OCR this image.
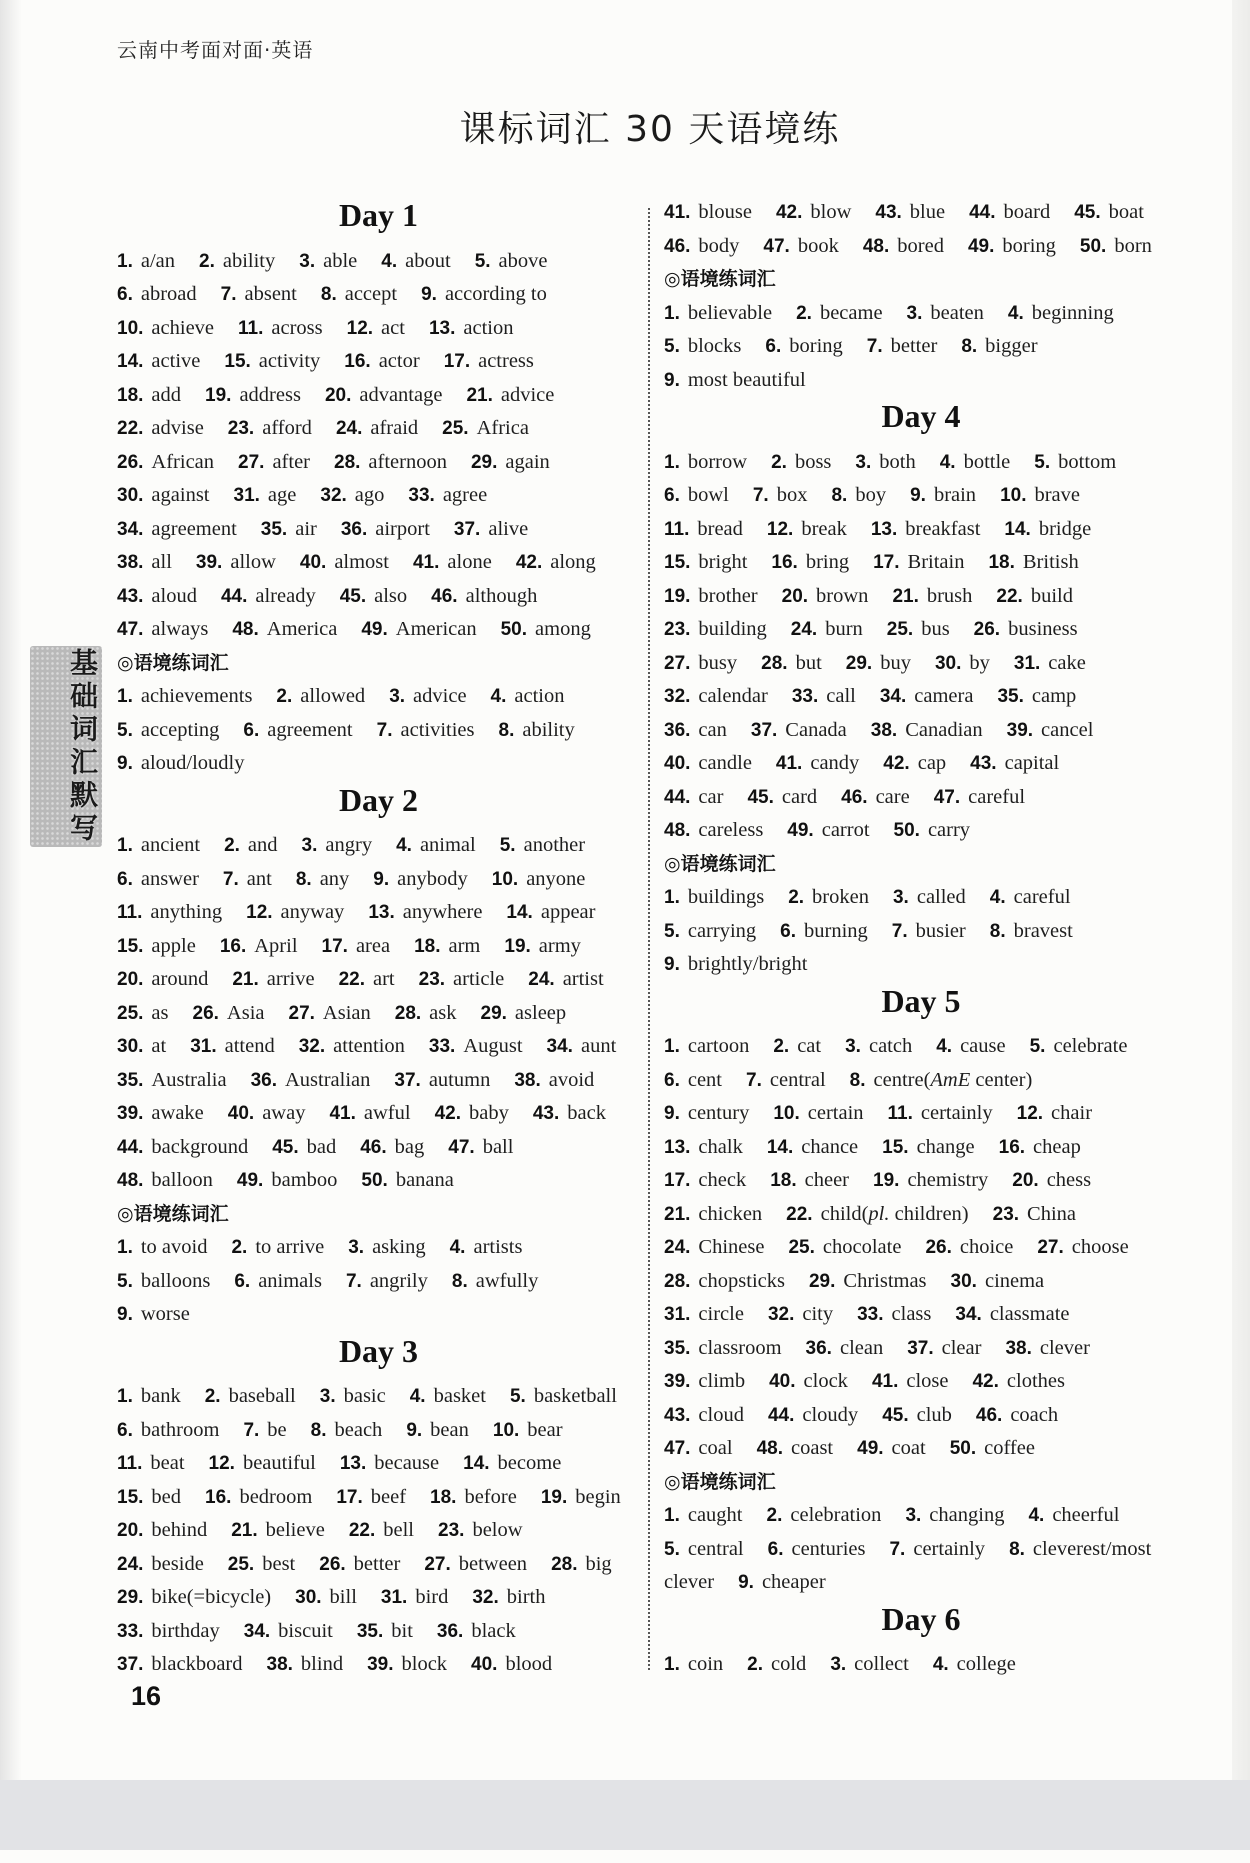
云南中考面对面·英语
课标词汇 30 天语境练
Day 1
1. a/an 2. ability 3. able 4. about 5. above
6. abroad 7. absent 8. accept 9. according to
10. achieve 11. across 12. act 13. action
14. active 15. activity 16. actor 17. actress
18. add 19. address 20. advantage 21. advice
22. advise 23. afford 24. afraid 25. Africa
26. African 27. after 28. afternoon 29. again
30. against 31. age 32. ago 33. agree
34. agreement 35. air 36. airport 37. alive
38. all 39. allow 40. almost 41. alone 42. along
43. aloud 44. already 45. also 46. although
47. always 48. America 49. American 50. among
◎语境练词汇
1. achievements 2. allowed 3. advice 4. action
5. accepting 6. agreement 7. activities 8. ability
9. aloud/loudly
Day 2
1. ancient 2. and 3. angry 4. animal 5. another
6. answer 7. ant 8. any 9. anybody 10. anyone
11. anything 12. anyway 13. anywhere 14. appear
15. apple 16. April 17. area 18. arm 19. army
20. around 21. arrive 22. art 23. article 24. artist
25. as 26. Asia 27. Asian 28. ask 29. asleep
30. at 31. attend 32. attention 33. August 34. aunt
35. Australia 36. Australian 37. autumn 38. avoid
39. awake 40. away 41. awful 42. baby 43. back
44. background 45. bad 46. bag 47. ball
48. balloon 49. bamboo 50. banana
◎语境练词汇
1. to avoid 2. to arrive 3. asking 4. artists
5. balloons 6. animals 7. angrily 8. awfully
9. worse
Day 3
1. bank 2. baseball 3. basic 4. basket 5. basketball
6. bathroom 7. be 8. beach 9. bean 10. bear
11. beat 12. beautiful 13. because 14. become
15. bed 16. bedroom 17. beef 18. before 19. begin
20. behind 21. believe 22. bell 23. below
24. beside 25. best 26. better 27. between 28. big
29. bike(=bicycle) 30. bill 31. bird 32. birth
33. birthday 34. biscuit 35. bit 36. black
37. blackboard 38. blind 39. block 40. blood
41. blouse 42. blow 43. blue 44. board 45. boat
46. body 47. book 48. bored 49. boring 50. born
◎语境练词汇
1. believable 2. became 3. beaten 4. beginning
5. blocks 6. boring 7. better 8. bigger
9. most beautiful
Day 4
1. borrow 2. boss 3. both 4. bottle 5. bottom
6. bowl 7. box 8. boy 9. brain 10. brave
11. bread 12. break 13. breakfast 14. bridge
15. bright 16. bring 17. Britain 18. British
19. brother 20. brown 21. brush 22. build
23. building 24. burn 25. bus 26. business
27. busy 28. but 29. buy 30. by 31. cake
32. calendar 33. call 34. camera 35. camp
36. can 37. Canada 38. Canadian 39. cancel
40. candle 41. candy 42. cap 43. capital
44. car 45. card 46. care 47. careful
48. careless 49. carrot 50. carry
◎语境练词汇
1. buildings 2. broken 3. called 4. careful
5. carrying 6. burning 7. busier 8. bravest
9. brightly/bright
Day 5
1. cartoon 2. cat 3. catch 4. cause 5. celebrate
6. cent 7. central 8. centre(AmE center)
9. century 10. certain 11. certainly 12. chair
13. chalk 14. chance 15. change 16. cheap
17. check 18. cheer 19. chemistry 20. chess
21. chicken 22. child(pl. children) 23. China
24. Chinese 25. chocolate 26. choice 27. choose
28. chopsticks 29. Christmas 30. cinema
31. circle 32. city 33. class 34. classmate
35. classroom 36. clean 37. clear 38. clever
39. climb 40. clock 41. close 42. clothes
43. cloud 44. cloudy 45. club 46. coach
47. coal 48. coast 49. coat 50. coffee
◎语境练词汇
1. caught 2. celebration 3. changing 4. cheerful
5. central 6. centuries 7. certainly 8. cleverest/most
clever 9. cheaper
Day 6
1. coin 2. cold 3. collect 4. college
基础词汇默写
16
